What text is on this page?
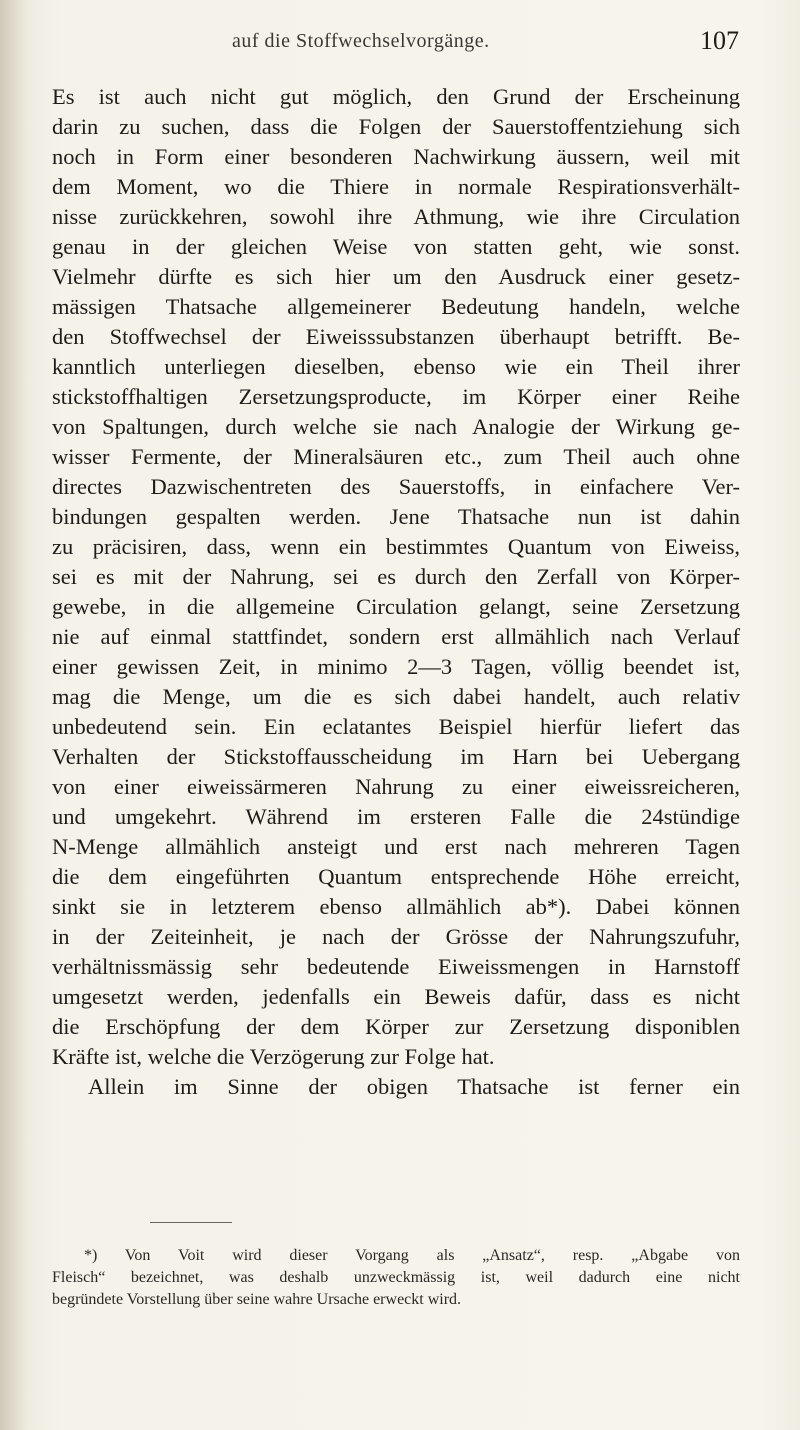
auf die Stoffwechselvorgänge.	107
Es ist auch nicht gut möglich, den Grund der Erscheinung
darin zu suchen, dass die Folgen der Sauerstoffentziehung sich
noch in Form einer besonderen Nachwirkung äussern, weil mit
dem Moment, wo die Thiere in normale Respirationsverhält-
nisse zurückkehren, sowohl ihre Athmung, wie ihre Circulation
genau in der gleichen Weise von statten geht, wie sonst.
Vielmehr dürfte es sich hier um den Ausdruck einer gesetz-
mässigen Thatsache allgemeinerer Bedeutung handeln, welche
den Stoffwechsel der Eiweisssubstanzen überhaupt betrifft. Be-
kanntlich unterliegen dieselben, ebenso wie ein Theil ihrer
stickstoffhaltigen Zersetzungsproducte, im Körper einer Reihe
von Spaltungen, durch welche sie nach Analogie der Wirkung ge-
wisser Fermente, der Mineralsäuren etc., zum Theil auch ohne
directes Dazwischentreten des Sauerstoffs, in einfachere Ver-
bindungen gespalten werden. Jene Thatsache nun ist dahin
zu präcisiren, dass, wenn ein bestimmtes Quantum von Eiweiss,
sei es mit der Nahrung, sei es durch den Zerfall von Körper-
gewebe, in die allgemeine Circulation gelangt, seine Zersetzung
nie auf einmal stattfindet, sondern erst allmählich nach Verlauf
einer gewissen Zeit, in minimo 2—3 Tagen, völlig beendet ist,
mag die Menge, um die es sich dabei handelt, auch relativ
unbedeutend sein. Ein eclatantes Beispiel hierfür liefert das
Verhalten der Stickstoffausscheidung im Harn bei Uebergang
von einer eiweissärmeren Nahrung zu einer eiweissreicheren,
und umgekehrt. Während im ersteren Falle die 24stündige
N-Menge allmählich ansteigt und erst nach mehreren Tagen
die dem eingeführten Quantum entsprechende Höhe erreicht,
sinkt sie in letzterem ebenso allmählich ab*). Dabei können
in der Zeiteinheit, je nach der Grösse der Nahrungszufuhr,
verhältnissmässig sehr bedeutende Eiweissmengen in Harnstoff
umgesetzt werden, jedenfalls ein Beweis dafür, dass es nicht
die Erschöpfung der dem Körper zur Zersetzung disponiblen
Kräfte ist, welche die Verzögerung zur Folge hat.
Allein im Sinne der obigen Thatsache ist ferner ein
*) Von Voit wird dieser Vorgang als „Ansatz“, resp. „Abgabe von
Fleisch“ bezeichnet, was deshalb unzweckmässig ist, weil dadurch eine nicht
begründete Vorstellung über seine wahre Ursache erweckt wird.
